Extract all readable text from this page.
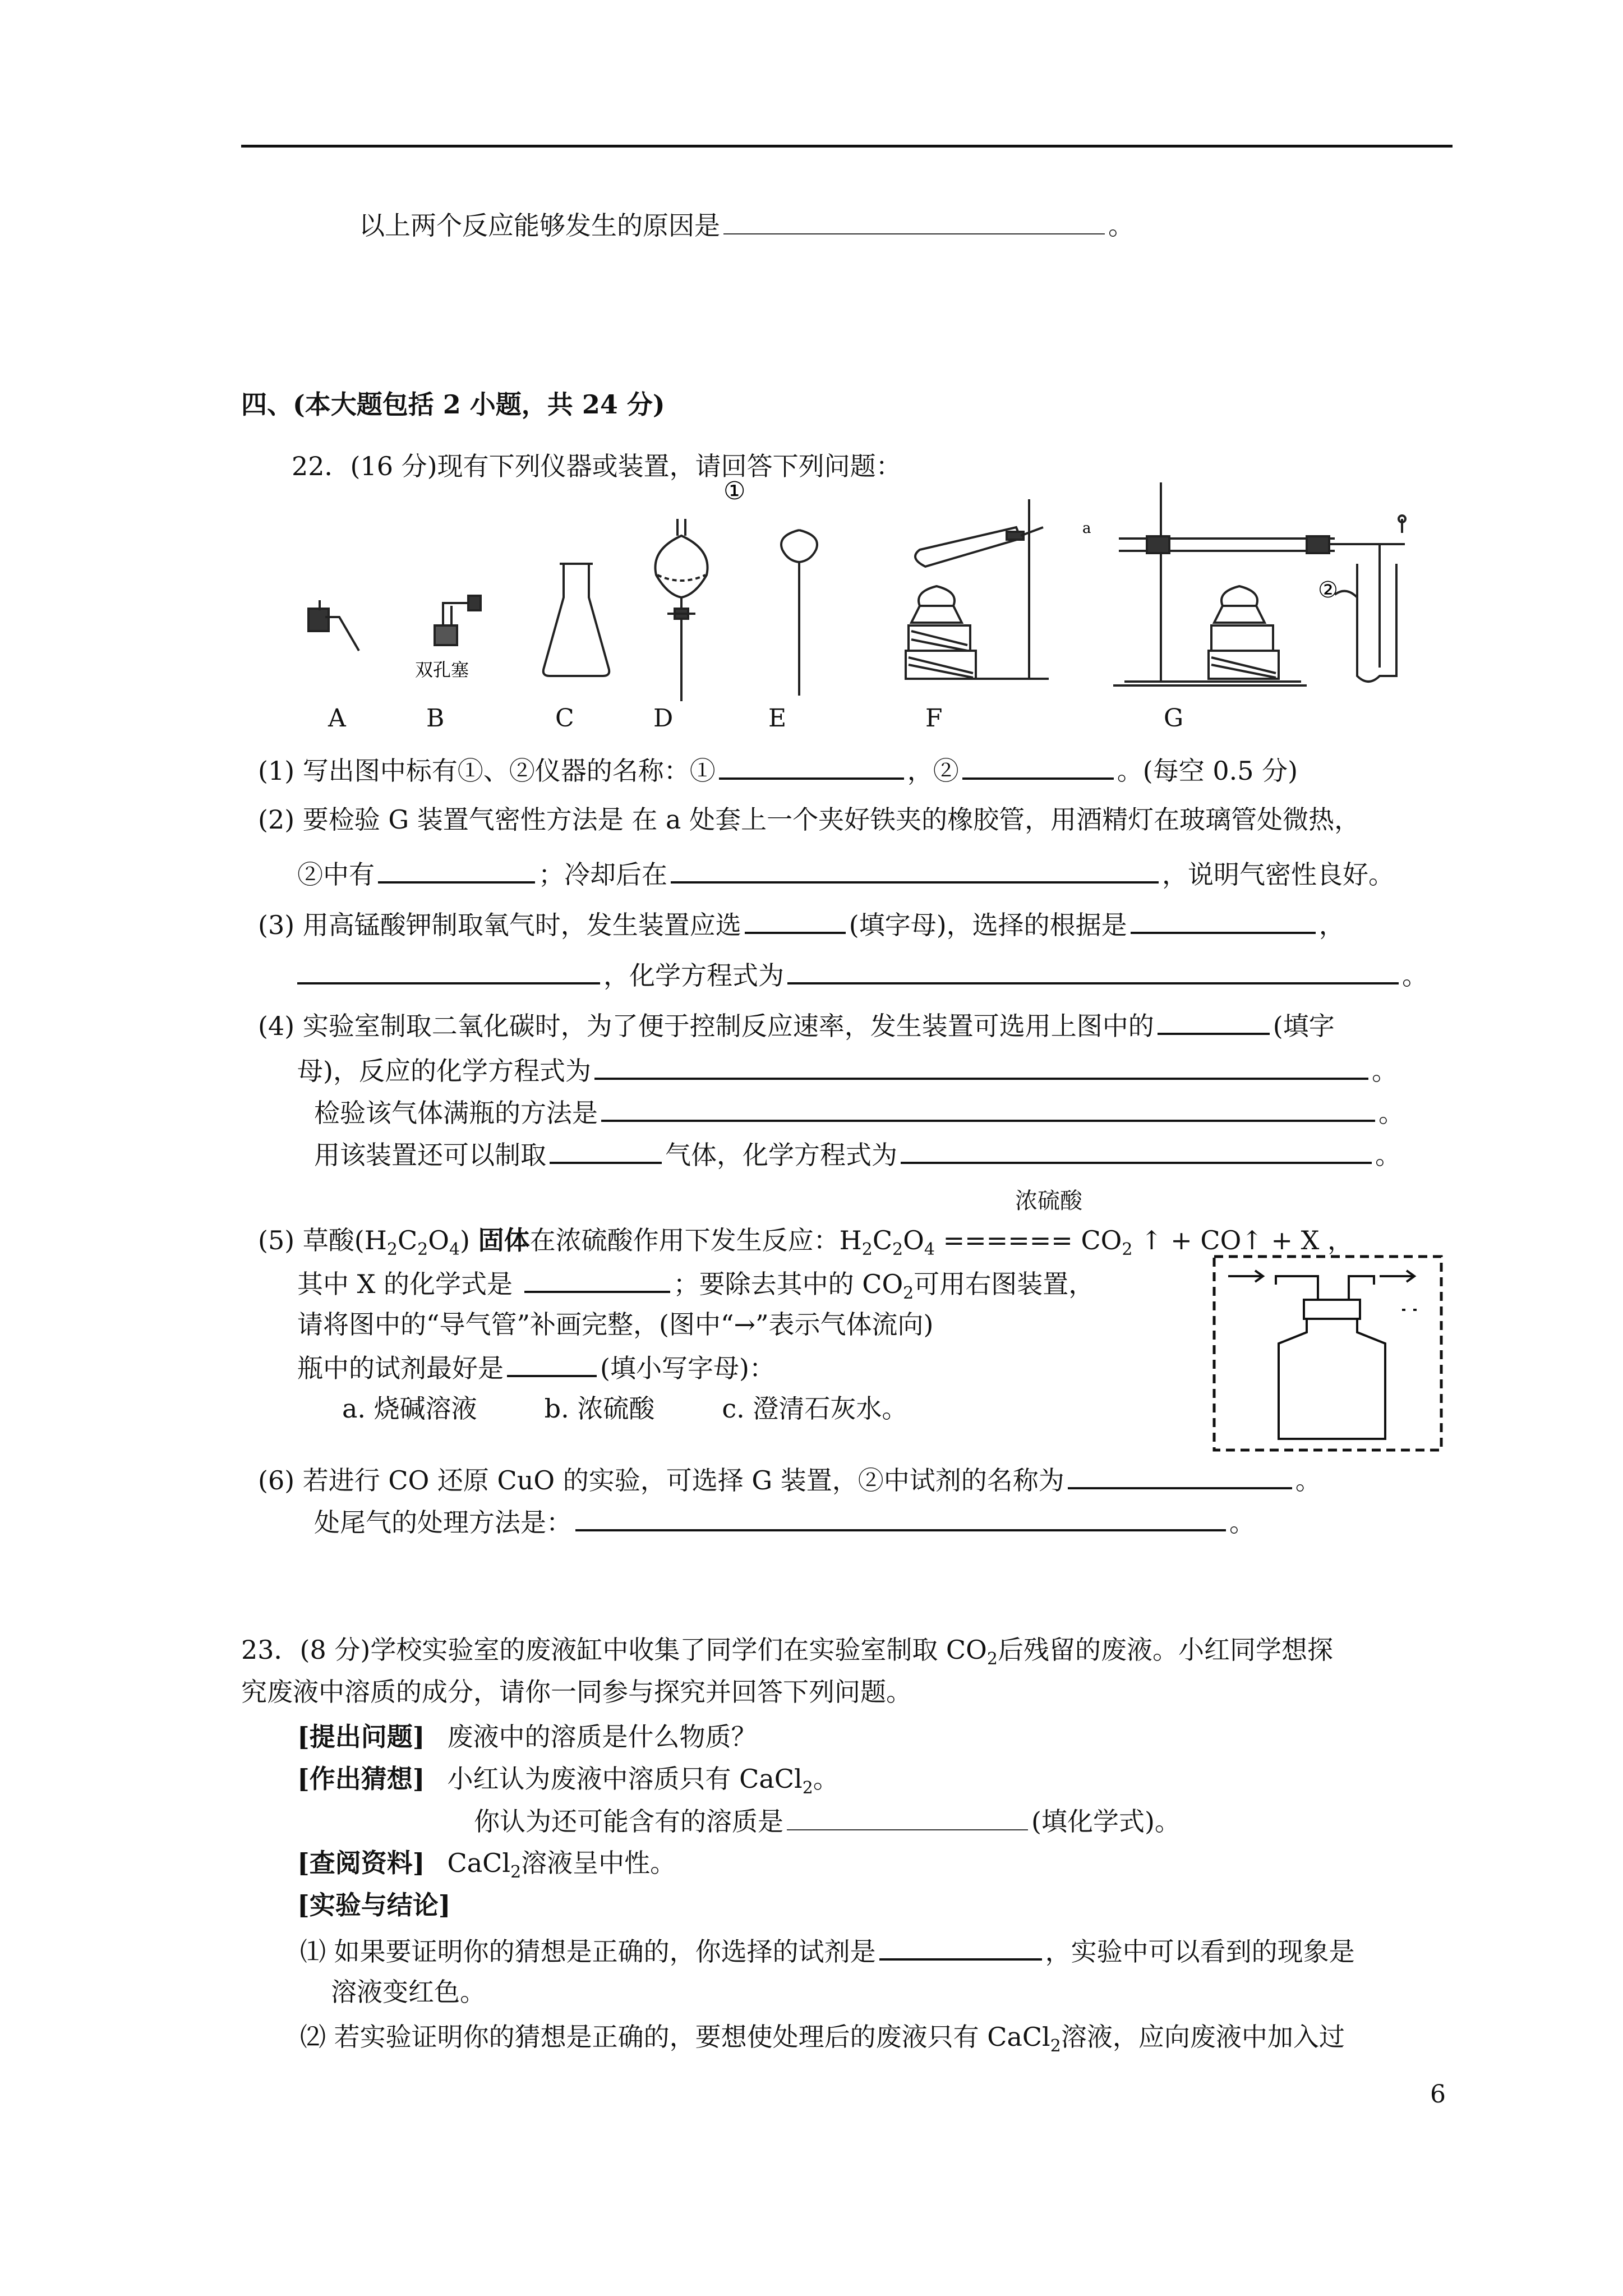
以上两个反应能够发生的原因是	。
四、(本大题包括 2 小题，共 24 分)
22．(16 分)现有下列仪器或装置，请回答下列问题：
①
②
a
双孔塞
A	B	C	D	E	F	G
(1) 写出图中标有①、②仪器的名称：①	，②	。(每空 0.5 分)
(2) 要检验 G 装置气密性方法是 在 a 处套上一个夹好铁夹的橡胶管，用酒精灯在玻璃管处微热，
②中有	；冷却后在	，说明气密性良好。
(3) 用高锰酸钾制取氧气时，发生装置应选	(填字母)，选择的根据是	，
，化学方程式为	。
(4) 实验室制取二氧化碳时，为了便于控制反应速率，发生装置可选用上图中的	(填字
母)，反应的化学方程式为	。
检验该气体满瓶的方法是	。
用该装置还可以制取	气体，化学方程式为	。
浓硫酸
(5) 草酸$(H_2C_2O_4)$ 固体在浓硫酸作用下发生反应：$H_2C_2O_4$ ====== $CO_2$ ↑ + CO↑ + X ，
其中 X 的化学式是	；要除去其中的 $CO_2$可用右图装置，
请将图中的“导气管”补画完整，(图中“→”表示气体流向)
瓶中的试剂最好是	(填小写字母)：
a. 烧碱溶液	b. 浓硫酸	c. 澄清石灰水。
(6) 若进行 CO 还原 CuO 的实验，可选择 G 装置，②中试剂的名称为	。
处尾气的处理方法是：	。
23．(8 分)学校实验室的废液缸中收集了同学们在实验室制取 $CO_2$后残留的废液。小红同学想探
究废液中溶质的成分，请你一同参与探究并回答下列问题。
[提出问题] 废液中的溶质是什么物质？
[作出猜想] 小红认为废液中溶质只有 CaCl$_2$。
你认为还可能含有的溶质是	(填化学式)。
[查阅资料] CaCl$_2$溶液呈中性。
[实验与结论]
⑴ 如果要证明你的猜想是正确的，你选择的试剂是	，实验中可以看到的现象是
溶液变红色。
⑵ 若实验证明你的猜想是正确的，要想使处理后的废液只有 CaCl$_2$溶液，应向废液中加入过
6
